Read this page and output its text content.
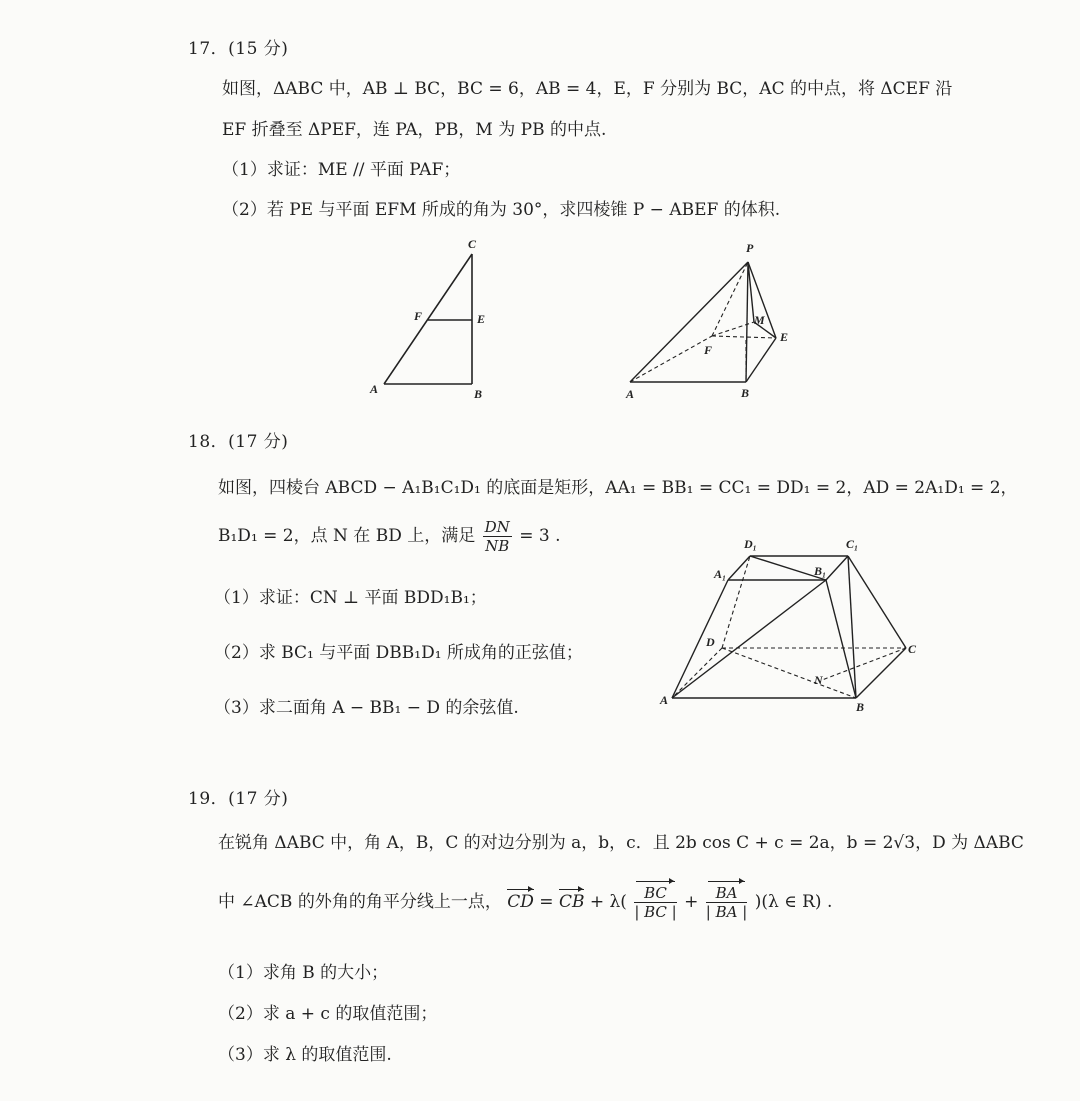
17．(15 分)
如图，ΔABC 中，AB ⊥ BC，BC = 6，AB = 4，E，F 分别为 BC，AC 的中点，将 ΔCEF 沿
EF 折叠至 ΔPEF，连 PA，PB，M 为 PB 的中点.
（1）求证：ME // 平面 PAF；
（2）若 PE 与平面 EFM 所成的角为 30°，求四棱锥 P − ABEF 的体积.
C
F	E
A	B
P
M
E
F
A	B
18．(17 分)
如图，四棱台 ABCD − A₁B₁C₁D₁ 的底面是矩形，AA₁ = BB₁ = CC₁ = DD₁ = 2，AD = 2A₁D₁ = 2，
B₁D₁ = 2，点 N 在 BD 上，满足 $\frac{DN}{NB} = 3$ .
（1）求证：CN ⊥ 平面 BDD₁B₁；
（2）求 BC₁ 与平面 DBB₁D₁ 所成角的正弦值；
（3）求二面角 A − BB₁ − D 的余弦值.
D₁	C₁
A₁	B₁
D	C
N
A	B
19．(17 分)
在锐角 ΔABC 中，角 A，B，C 的对边分别为 a，b，c．且 2b cos C + c = 2a，b = 2√3，D 为 ΔABC
中 ∠ACB 的外角的角平分线上一点， CD = CB + $\lambda( \frac{BC}{| BC |} + \frac{BA}{| BA |} )(\lambda$ ∈ R) .
（1）求角 B 的大小；
（2）求 a + c 的取值范围；
（3）求 λ 的取值范围.
